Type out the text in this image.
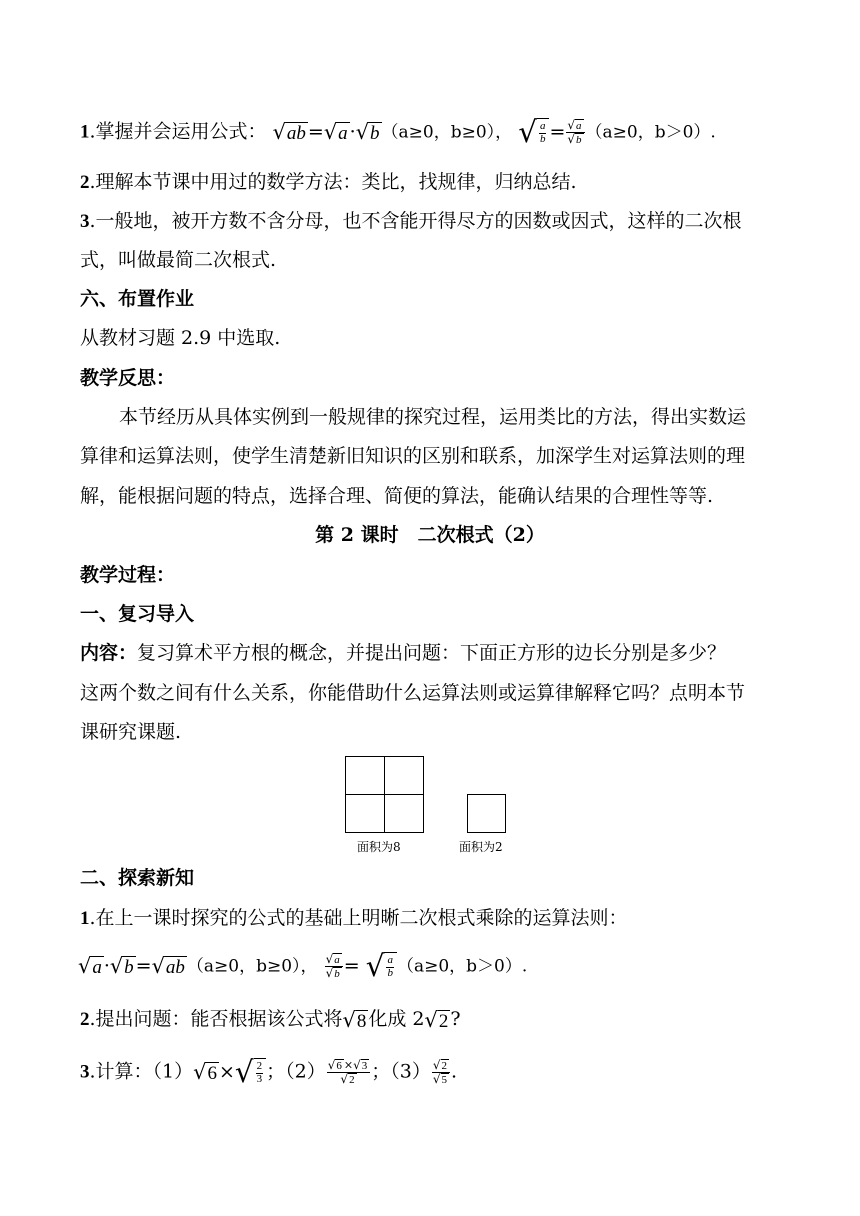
1.掌握并会运用公式： √ ab = √ a · √ b （a≥0，b≥0）， √ $\frac{a}{b} = \frac{√ a}{√ b} (a\ge 0$，b＞0）.
2.理解本节课中用过的数学方法：类比，找规律，归纳总结.
3.一般地，被开方数不含分母，也不含能开得尽方的因数或因式，这样的二次根
式，叫做最简二次根式.
六、布置作业
从教材习题 2.9 中选取.
教学反思：
本节经历从具体实例到一般规律的探究过程，运用类比的方法，得出实数运
算律和运算法则，使学生清楚新旧知识的区别和联系，加深学生对运算法则的理
解，能根据问题的特点，选择合理、简便的算法，能确认结果的合理性等等.
第 2 课时　二次根式（2）
教学过程：
一、复习导入
内容：复习算术平方根的概念，并提出问题：下面正方形的边长分别是多少？
这两个数之间有什么关系，你能借助什么运算法则或运算律解释它吗？点明本节
课研究课题.
面积为8	面积为2
二、探索新知
1.在上一课时探究的公式的基础上明晰二次根式乘除的运算法则：
√ a · √ b = √ ab （a≥0，b≥0）， $\frac{√ a}{√ b}$ = √ $\frac{a}{b} (a\ge 0$，b＞0）.
2.提出问题：能否根据该公式将 √ 8 化成 2 √ 2 ?
3.计算：（1） √ 6 × √ $\frac{2}{3}$ ；$(2) \frac{√ 6 \times √ 3}{√ 2}$ ；$(3) \frac{√ 2}{√ 5}$ .
